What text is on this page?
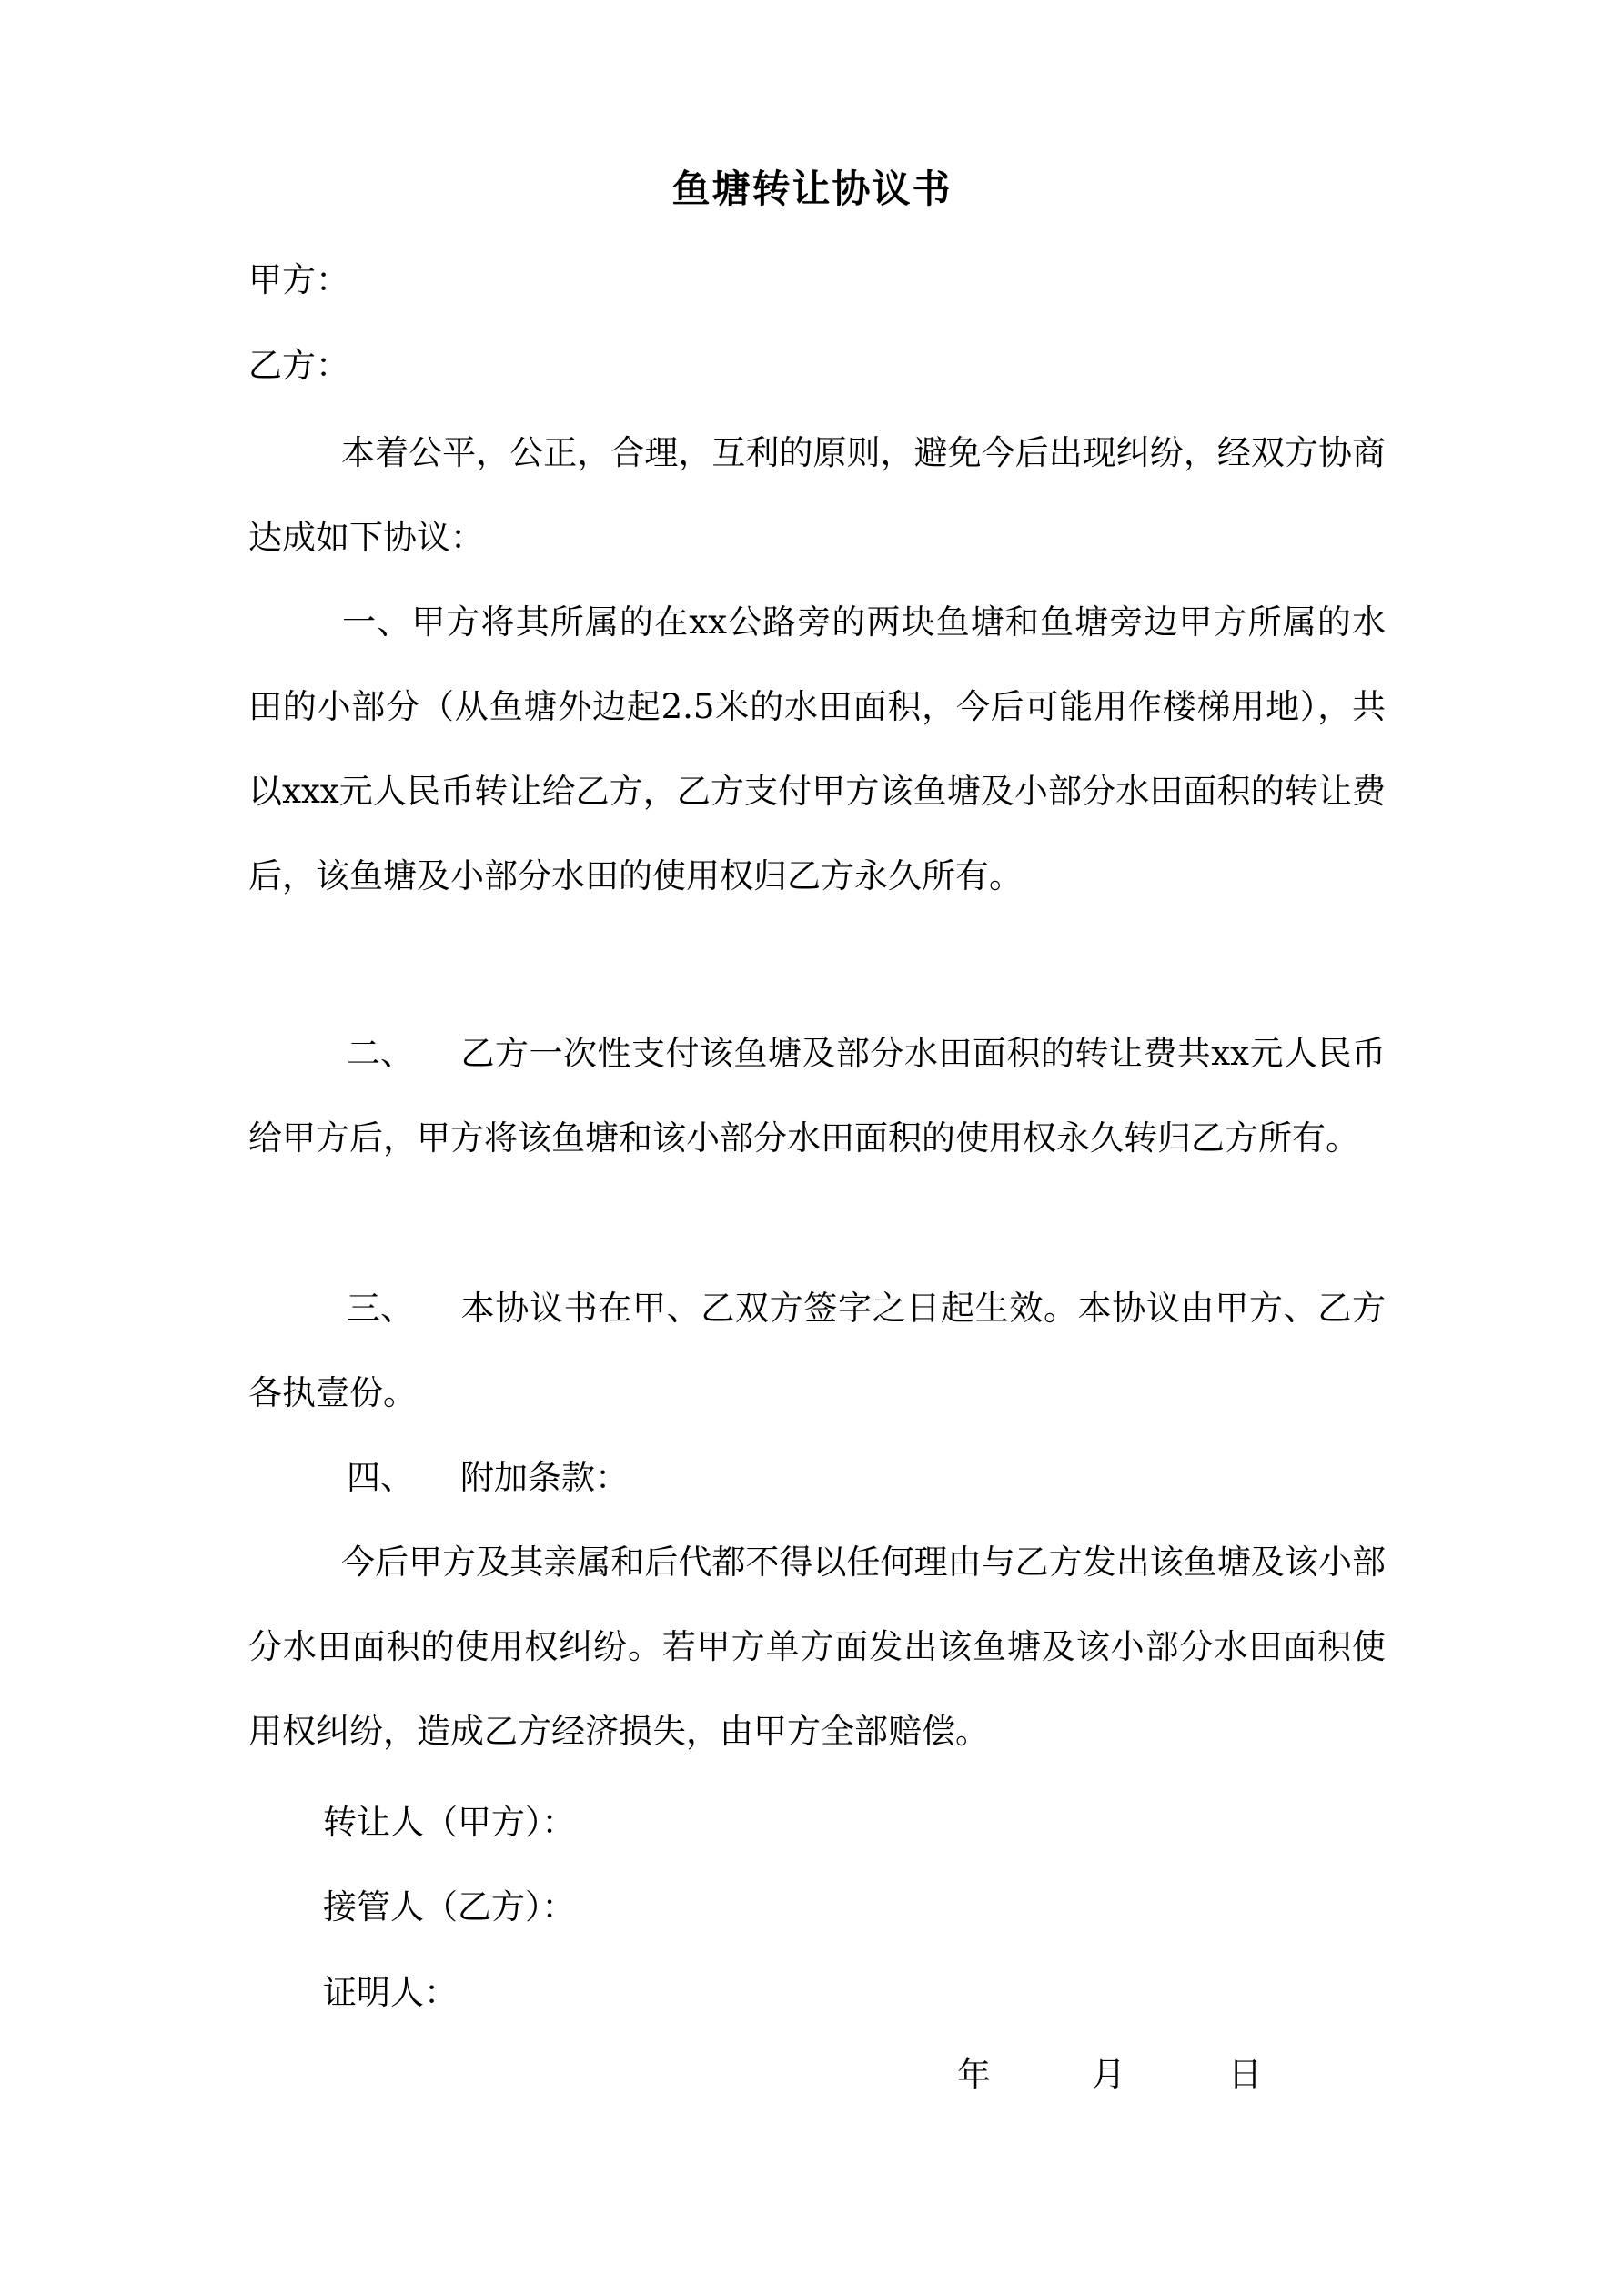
鱼塘转让协议书
甲方：
乙方：
本着公平，公正，合理，互利的原则，避免今后出现纠纷，经双方协商达成如下协议：
一、甲方将其所属的在xx公路旁的两块鱼塘和鱼塘旁边甲方所属的水田的小部分（从鱼塘外边起2.5米的水田面积，今后可能用作楼梯用地），共以xxx元人民币转让给乙方，乙方支付甲方该鱼塘及小部分水田面积的转让费后，该鱼塘及小部分水田的使用权归乙方永久所有。
二、 乙方一次性支付该鱼塘及部分水田面积的转让费共xx元人民币给甲方后，甲方将该鱼塘和该小部分水田面积的使用权永久转归乙方所有。
三、 本协议书在甲、乙双方签字之日起生效。本协议由甲方、乙方各执壹份。
四、 附加条款：
今后甲方及其亲属和后代都不得以任何理由与乙方发出该鱼塘及该小部分水田面积的使用权纠纷。若甲方单方面发出该鱼塘及该小部分水田面积使用权纠纷，造成乙方经济损失，由甲方全部赔偿。
转让人（甲方）：
接管人（乙方）：
证明人：
年	月	日
